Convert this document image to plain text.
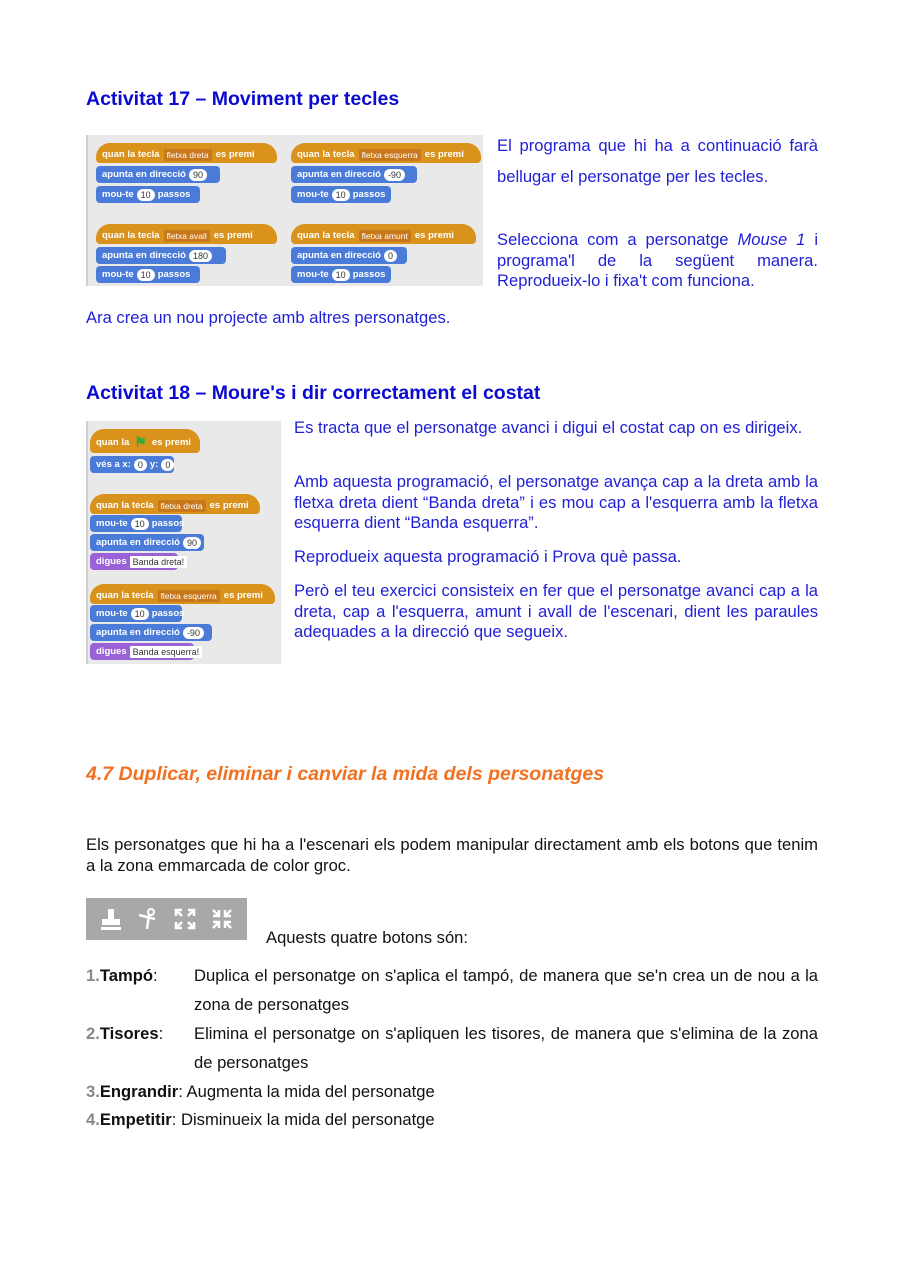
Activitat 17 – Moviment per tecles
quan la tecla fletxa dreta es premi
apunta en direcció 90
mou-te 10 passos
quan la tecla fletxa esquerra es premi
apunta en direcció -90
mou-te 10 passos
quan la tecla fletxa avall es premi
apunta en direcció 180
mou-te 10 passos
quan la tecla fletxa amunt es premi
apunta en direcció 0
mou-te 10 passos

El programa que hi ha a continuació farà bellugar el personatge per les tecles.

Selecciona com a personatge Mouse 1 i programa'l de la següent manera. Reprodueix-lo i fixa't com funciona.

Ara crea un nou projecte amb altres personatges.

Activitat 18 – Moure's i dir correctament el costat
quan la ⚑ es premi
vés a x: 0 y: 0
quan la tecla fletxa dreta es premi
mou-te 10 passos
apunta en direcció 90
digues Banda dreta!
quan la tecla fletxa esquerra es premi
mou-te 10 passos
apunta en direcció -90
digues Banda esquerra!

Es tracta que el personatge avanci i digui el costat cap on es dirigeix.

Amb aquesta programació, el personatge avança cap a la dreta amb la fletxa dreta dient “Banda dreta” i es mou cap a l'esquerra amb la fletxa esquerra dient “Banda esquerra”.

Reprodueix aquesta programació i Prova què passa.

Però el teu exercici consisteix en fer que el personatge avanci cap a la dreta, cap a l'esquerra, amunt i avall de l'escenari, dient les paraules adequades a la direcció que segueix.

4.7 Duplicar, eliminar i canviar la mida dels personatges

Els personatges que hi ha a l'escenari els podem manipular directament amb els botons que tenim a la zona emmarcada de color groc.

Aquests quatre botons són:

1.Tampó: Duplica el personatge on s'aplica el tampó, de manera que se'n crea un de nou a la zona de personatges
2.Tisores: Elimina el personatge on s'apliquen les tisores, de manera que s'elimina de la zona de personatges
3.Engrandir: Augmenta la mida del personatge
4.Empetitir: Disminueix la mida del personatge
